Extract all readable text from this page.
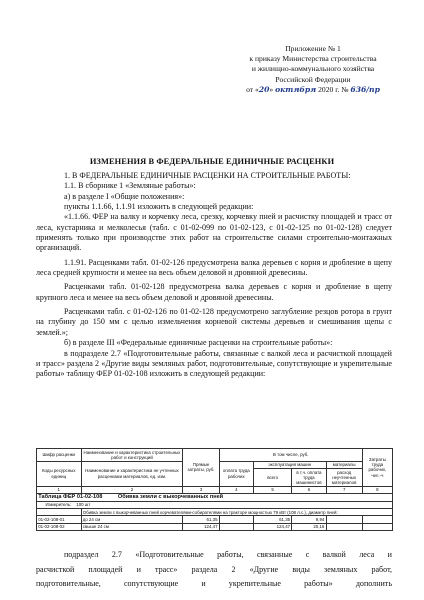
Приложение № 1
к приказу Министерства строительства
и жилищно-коммунального хозяйства
Российской Федерации
от «20» октября 2020 г. № 636/пр
ИЗМЕНЕНИЯ В ФЕДЕРАЛЬНЫЕ ЕДИНИЧНЫЕ РАСЦЕНКИ

1. В ФЕДЕРАЛЬНЫЕ ЕДИНИЧНЫЕ РАСЦЕНКИ НА СТРОИТЕЛЬНЫЕ РАБОТЫ:

1.1. В сборнике 1 «Земляные работы»:

а) в разделе I «Общие положения»:

пункты 1.1.66, 1.1.91 изложить в следующей редакции:

«1.1.66. ФЕР на валку и корчевку леса, срезку, корчевку пней и расчистку площадей и трасс от леса, кустарника и мелколесья (табл. с 01-02-099 по 01-02-123, с 01-02-125 по 01-02-128) следует применять только при производстве этих работ на строительстве силами строительно-монтажных организаций.

1.1.91. Расценками табл. 01-02-126 предусмотрена валка деревьев с корня и дробление в щепу леса средней крупности и менее на весь объем деловой и дровяной древесины.

Расценками табл. 01-02-128 предусмотрена валка деревьев с корня и дробление в щепу крупного леса и менее на весь объем деловой и дровяной древесины.

Расценками табл. с 01-02-126 по 01-02-128 предусмотрено заглубление резцов ротора в грунт на глубину до 150 мм с целью измельчения корневой системы деревьев и смешивания щепы с землей.»;

б) в разделе III «Федеральные единичные расценки на строительные работы»:

в подразделе 2.7 «Подготовительные работы, связанные с валкой леса и расчисткой площадей и трасс» раздела 2 «Другие виды земляных работ, подготовительные, сопутствующие и укрепительные работы» таблицу ФЕР 01-02-108 изложить в следующей редакции:

Шифр расценки	Наименование и характеристика строительных работ и конструкций	Прямые затраты, руб.	В том числе, руб.				Затраты труда рабочих, чел.-ч
Коды ресурсных единиц	Наименование и характеристика не учтенных расценками материалов, ед. изм.		оплата труда рабочих	эксплуатация машин		материалы	
				всего	в т.ч. оплата труда машинистов	расход неучтенных материалов	
1	2	3	4	5	6	7	8
Таблица ФЕР 01-02-108 Обивка земли с выкорчеванных пней							
Измеритель: 100 шт							
	Обивка земли с выкорчеванных пней корчевателями-собирателями на тракторе мощностью 79 кВт (108 л.с.), диаметр пней:						
01-02-108-01	до 24 см	61,35		61,35	9,94		
01-02-108-02	свыше 24 см	124,47		124,47	20,16		

подраздел 2.7 «Подготовительные работы, связанные с валкой леса и

расчисткой площадей и трасс» раздела 2 «Другие виды земляных работ,

подготовительные, сопутствующие и укрепительные работы» дополнить
